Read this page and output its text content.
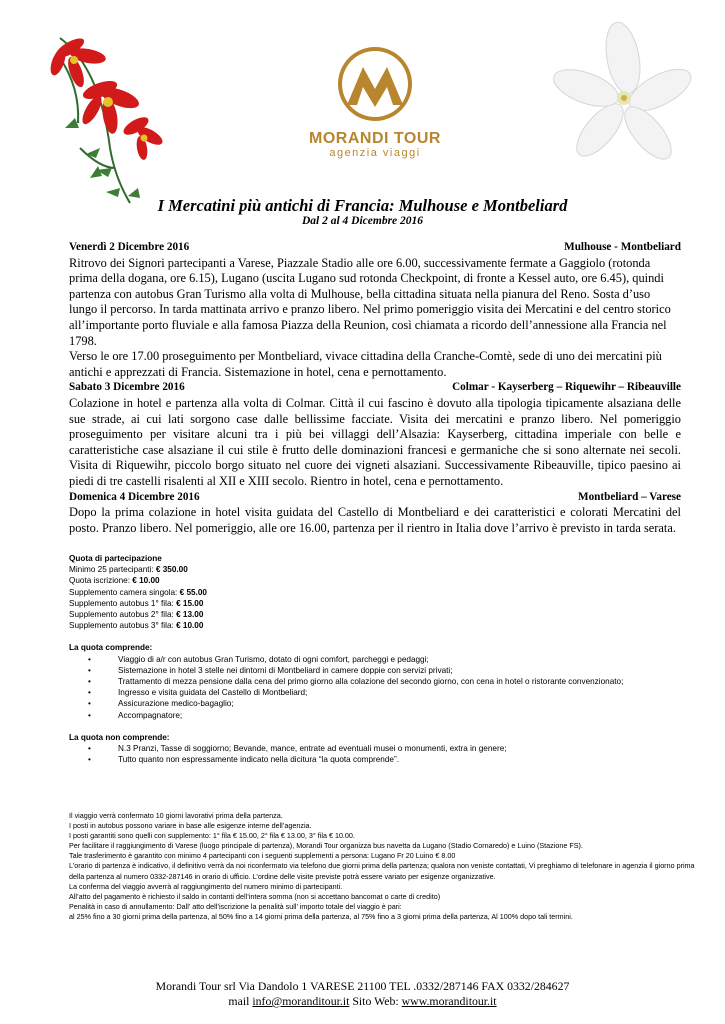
MORANDI TOUR
agenzia viaggi
I Mercatini più antichi di Francia: Mulhouse e Montbeliard
Dal 2 al 4 Dicembre 2016
Venerdì 2 Dicembre 2016	Mulhouse - Montbeliard

Ritrovo dei Signori partecipanti a Varese, Piazzale Stadio alle ore 6.00, successivamente fermate a Gaggiolo (rotonda prima della dogana, ore 6.15), Lugano (uscita Lugano sud rotonda Checkpoint, di fronte a Kessel auto, ore 6.45), quindi partenza con autobus Gran Turismo alla volta di Mulhouse, bella cittadina situata nella pianura del Reno. Sosta d’uso lungo il percorso. In tarda mattinata arrivo e pranzo libero. Nel primo pomeriggio visita dei Mercatini e del centro storico all’importante porto fluviale e alla famosa Piazza della Reunion, così chiamata a ricordo dell’annessione alla Francia nel 1798.

Verso le ore 17.00 proseguimento per Montbeliard, vivace cittadina della Cranche-Comtè, sede di uno dei mercatini più antichi e apprezzati di Francia. Sistemazione in hotel, cena e pernottamento.

Sabato 3 Dicembre 2016	Colmar - Kayserberg – Riquewihr – Ribeauville

Colazione in hotel e partenza alla volta di Colmar. Città il cui fascino è dovuto alla tipologia tipicamente alsaziana delle sue strade, ai cui lati sorgono case dalle bellissime facciate. Visita dei mercatini e pranzo libero. Nel pomeriggio proseguimento per visitare alcuni tra i più bei villaggi dell’Alsazia: Kayserberg, cittadina imperiale con belle e caratteristiche case alsaziane il cui stile è frutto delle dominazioni francesi e germaniche che si sono alternate nei secoli. Visita di Riquewihr, piccolo borgo situato nel cuore dei vigneti alsaziani. Successivamente Ribeauville, tipico paesino ai piedi di tre castelli risalenti al XII e XIII secolo. Rientro in hotel, cena e pernottamento.

Domenica 4 Dicembre 2016	Montbeliard – Varese

Dopo la prima colazione in hotel visita guidata del Castello di Montbeliard e dei caratteristici e colorati Mercatini del posto. Pranzo libero. Nel pomeriggio, alle ore 16.00, partenza per il rientro in Italia dove l’arrivo è previsto in tarda serata.

Quota di partecipazione
Minimo 25 partecipanti: € 350.00
Quota iscrizione: € 10.00
Supplemento camera singola: € 55.00
Supplemento autobus 1° fila: € 15.00
Supplemento autobus 2° fila: € 13.00
Supplemento autobus 3° fila: € 10.00
La quota comprende:
• Viaggio di a/r con autobus Gran Turismo, dotato di ogni comfort, parcheggi e pedaggi;
• Sistemazione in hotel 3 stelle nei dintorni di Montbeliard in camere doppie con servizi privati;
• Trattamento di mezza pensione dalla cena del primo giorno alla colazione del secondo giorno, con cena in hotel o ristorante convenzionato;
• Ingresso e visita guidata del Castello di Montbeliard;
• Assicurazione medico-bagaglio;
• Accompagnatore;
La quota non comprende:
• N.3 Pranzi, Tasse di soggiorno; Bevande, mance, entrate ad eventuali musei o monumenti, extra in genere;
• Tutto quanto non espressamente indicato nella dicitura “la quota comprende”.
Il viaggio verrà confermato 10 giorni lavorativi prima della partenza.
I posti in autobus possono variare in base alle esigenze interne dell’agenzia.
I posti garantiti sono quelli con supplemento: 1° fila € 15.00, 2° fila € 13.00, 3° fila € 10.00.
Per facilitare il raggiungimento di Varese (luogo principale di partenza), Morandi Tour organizza bus navetta da Lugano (Stadio Cornaredo) e Luino (Stazione FS).
Tale trasferimento è garantito con minimo 4 partecipanti con i seguenti supplementi a persona: Lugano Fr 20 Luino € 8.00
L’orario di partenza è indicativo, il definitivo verrà da noi riconfermato via telefono due giorni prima della partenza; qualora non veniste contattati, Vi preghiamo di telefonare in agenzia il giorno prima della partenza al numero 0332-287146 in orario di ufficio. L’ordine delle visite previste potrà essere variato per esigenze organizzative.
La conferma del viaggio avverrà al raggiungimento del numero minimo di partecipanti.
All’atto del pagamento è richiesto il saldo in contanti dell’intera somma (non si accettano bancomat o carte di credito)
Penalità in caso di annullamento: Dall’ atto dell’iscrizione la penalità sull’ importo totale del viaggio è pari:
al 25% fino a 30 giorni prima della partenza, al 50% fino a 14 giorni prima della partenza, al 75% fino a 3 giorni prima della partenza, Al 100% dopo tali termini.
Morandi Tour srl Via Dandolo 1 VARESE 21100 TEL .0332/287146 FAX 0332/284627
mail info@moranditour.it Sito Web: www.moranditour.it
